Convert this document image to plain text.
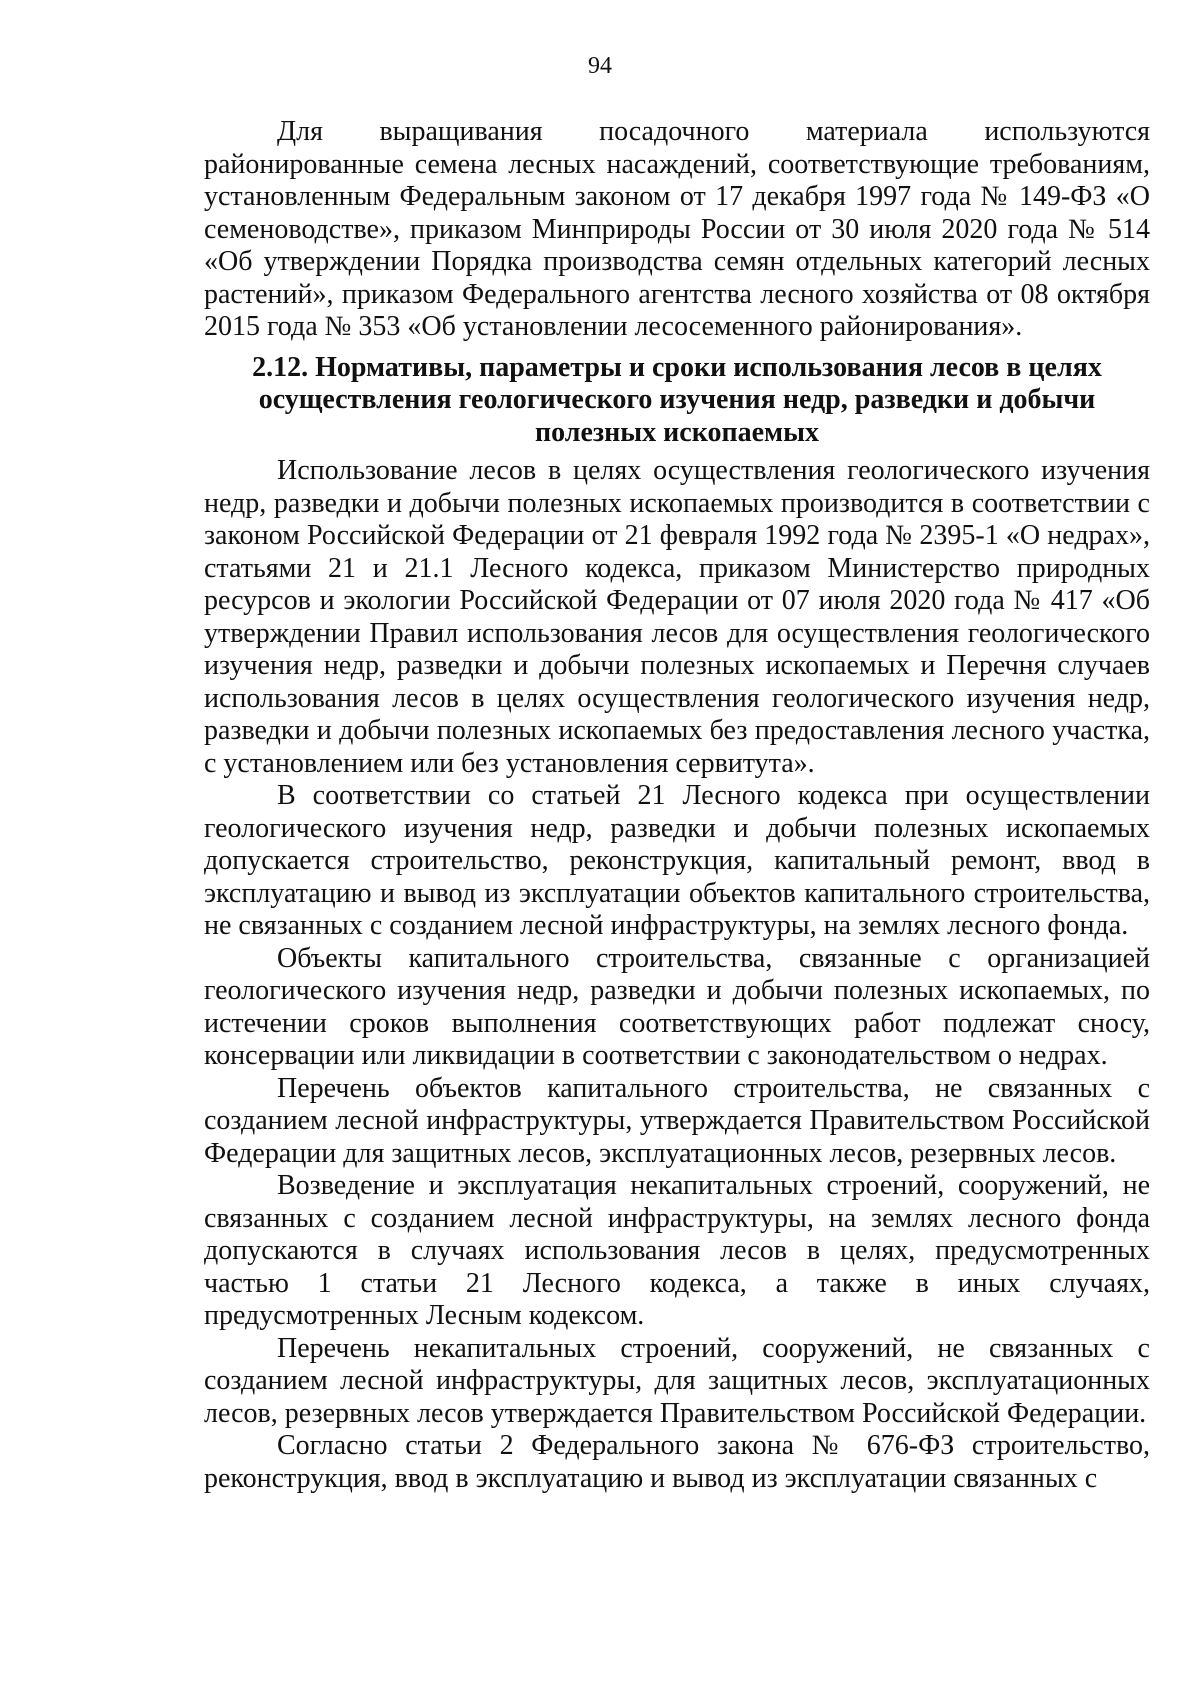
94

Для выращивания посадочного материала используются районированные семена лесных насаждений, соответствующие требованиям, установленным Федеральным законом от 17 декабря 1997 года № 149-ФЗ «О семеноводстве», приказом Минприроды России от 30 июля 2020 года № 514 «Об утверждении Порядка производства семян отдельных категорий лесных растений», приказом Федерального агентства лесного хозяйства от 08 октября 2015 года № 353 «Об установлении лесосеменного районирования».

2.12. Нормативы, параметры и сроки использования лесов в целях
осуществления геологического изучения недр, разведки и добычи
полезных ископаемых

Использование лесов в целях осуществления геологического изучения недр, разведки и добычи полезных ископаемых производится в соответствии с законом Российской Федерации от 21 февраля 1992 года № 2395-1 «О недрах», статьями 21 и 21.1 Лесного кодекса, приказом Министерство природных ресурсов и экологии Российской Федерации от 07 июля 2020 года № 417 «Об утверждении Правил использования лесов для осуществления геологического изучения недр, разведки и добычи полезных ископаемых и Перечня случаев использования лесов в целях осуществления геологического изучения недр, разведки и добычи полезных ископаемых без предоставления лесного участка, с установлением или без установления сервитута».

В соответствии со статьей 21 Лесного кодекса при осуществлении геологического изучения недр, разведки и добычи полезных ископаемых допускается строительство, реконструкция, капитальный ремонт, ввод в эксплуатацию и вывод из эксплуатации объектов капитального строительства, не связанных с созданием лесной инфраструктуры, на землях лесного фонда.

Объекты капитального строительства, связанные с организацией геологического изучения недр, разведки и добычи полезных ископаемых, по истечении сроков выполнения соответствующих работ подлежат сносу, консервации или ликвидации в соответствии с законодательством о недрах.

Перечень объектов капитального строительства, не связанных с созданием лесной инфраструктуры, утверждается Правительством Российской Федерации для защитных лесов, эксплуатационных лесов, резервных лесов.

Возведение и эксплуатация некапитальных строений, сооружений, не связанных с созданием лесной инфраструктуры, на землях лесного фонда допускаются в случаях использования лесов в целях, предусмотренных частью 1 статьи 21 Лесного кодекса, а также в иных случаях, предусмотренных Лесным кодексом.

Перечень некапитальных строений, сооружений, не связанных с созданием лесной инфраструктуры, для защитных лесов, эксплуатационных лесов, резервных лесов утверждается Правительством Российской Федерации.

Согласно статьи 2 Федерального закона № 676-ФЗ строительство, реконструкция, ввод в эксплуатацию и вывод из эксплуатации связанных с
